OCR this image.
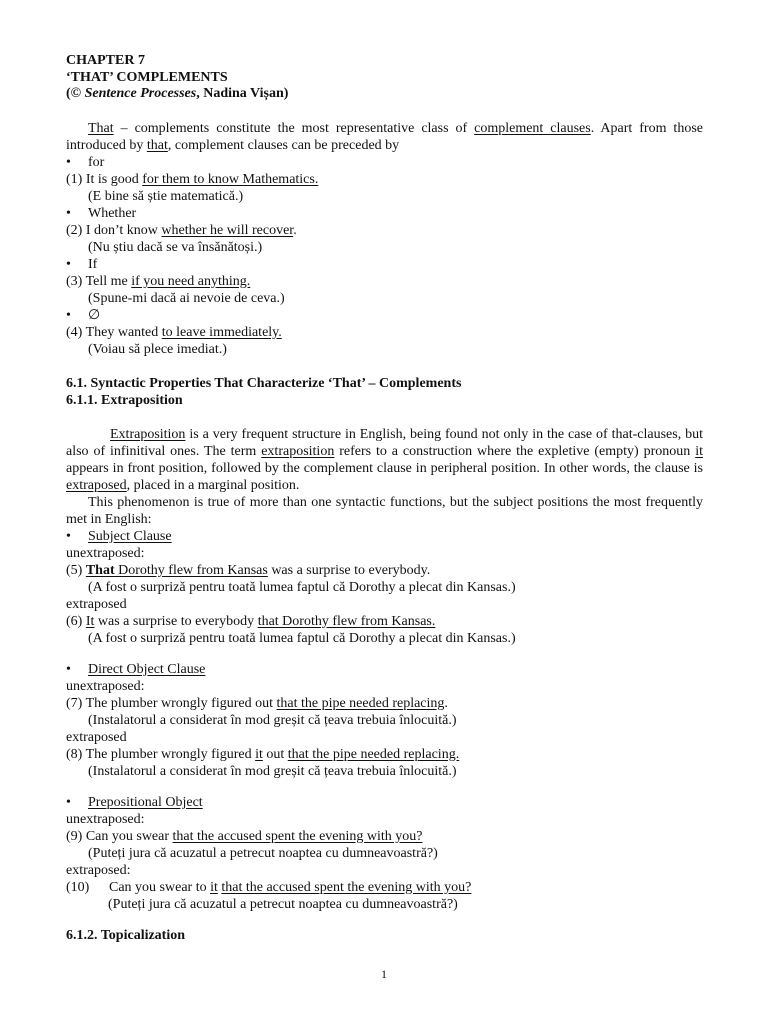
CHAPTER 7
‘THAT’ COMPLEMENTS
(© Sentence Processes, Nadina Vișan)
That – complements constitute the most representative class of complement clauses. Apart from those introduced by that, complement clauses can be preceded by
• for
(1) It is good for them to know Mathematics.
(E bine să știe matematică.)
• Whether
(2) I don’t know whether he will recover.
(Nu știu dacă se va însănătoși.)
• If
(3) Tell me if you need anything.
(Spune-mi dacă ai nevoie de ceva.)
• ∅
(4) They wanted to leave immediately.
(Voiau să plece imediat.)
6.1. Syntactic Properties That Characterize ‘That’ – Complements
6.1.1. Extraposition
Extraposition is a very frequent structure in English, being found not only in the case of that-clauses, but also of infinitival ones. The term extraposition refers to a construction where the expletive (empty) pronoun it appears in front position, followed by the complement clause in peripheral position. In other words, the clause is extraposed, placed in a marginal position.
This phenomenon is true of more than one syntactic functions, but the subject positions the most frequently met in English:
• Subject Clause
unextraposed:
(5) That Dorothy flew from Kansas was a surprise to everybody.
(A fost o surpriză pentru toată lumea faptul că Dorothy a plecat din Kansas.)
extraposed
(6) It was a surprise to everybody that Dorothy flew from Kansas.
(A fost o surpriză pentru toată lumea faptul că Dorothy a plecat din Kansas.)
• Direct Object Clause
unextraposed:
(7) The plumber wrongly figured out that the pipe needed replacing.
(Instalatorul a considerat în mod greșit că țeava trebuia înlocuită.)
extraposed
(8) The plumber wrongly figured it out that the pipe needed replacing.
(Instalatorul a considerat în mod greșit că țeava trebuia înlocuită.)
• Prepositional Object
unextraposed:
(9) Can you swear that the accused spent the evening with you?
(Puteți jura că acuzatul a petrecut noaptea cu dumneavoastră?)
extraposed:
(10) Can you swear to it that the accused spent the evening with you?
(Puteți jura că acuzatul a petrecut noaptea cu dumneavoastră?)
6.1.2. Topicalization
1
